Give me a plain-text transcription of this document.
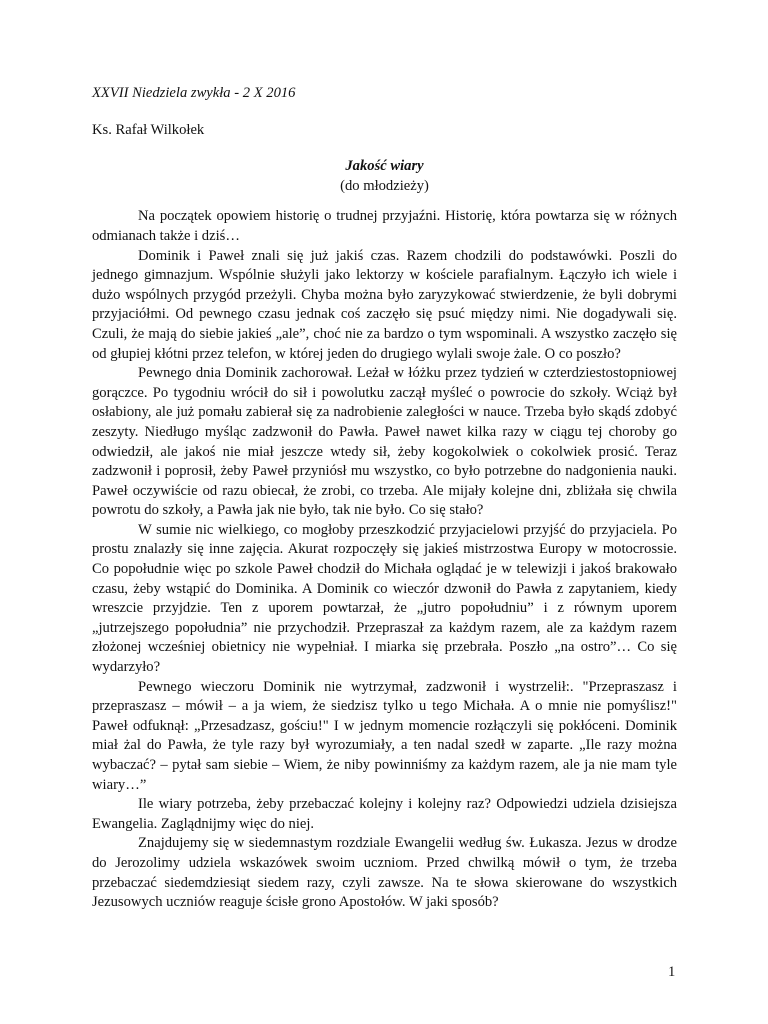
XXVII Niedziela zwykła - 2 X 2016

Ks. Rafał Wilkołek

Jakość wiary

(do młodzieży)

Na początek opowiem historię o trudnej przyjaźni. Historię, która powtarza się w różnych odmianach także i dziś…

Dominik i Paweł znali się już jakiś czas. Razem chodzili do podstawówki. Poszli do jednego gimnazjum. Wspólnie służyli jako lektorzy w kościele parafialnym. Łączyło ich wiele i dużo wspólnych przygód przeżyli. Chyba można było zaryzykować stwierdzenie, że byli dobrymi przyjaciółmi. Od pewnego czasu jednak coś zaczęło się psuć między nimi. Nie dogadywali się. Czuli, że mają do siebie jakieś „ale”, choć nie za bardzo o tym wspominali. A wszystko zaczęło się od głupiej kłótni przez telefon, w której jeden do drugiego wylali swoje żale. O co poszło?

Pewnego dnia Dominik zachorował. Leżał w łóżku przez tydzień w czterdziestostopniowej gorączce. Po tygodniu wrócił do sił i powolutku zaczął myśleć o powrocie do szkoły. Wciąż był osłabiony, ale już pomału zabierał się za nadrobienie zaległości w nauce. Trzeba było skądś zdobyć zeszyty. Niedługo myśląc zadzwonił do Pawła. Paweł nawet kilka razy w ciągu tej choroby go odwiedził, ale jakoś nie miał jeszcze wtedy sił, żeby kogokolwiek o cokolwiek prosić. Teraz zadzwonił i poprosił, żeby Paweł przyniósł mu wszystko, co było potrzebne do nadgonienia nauki. Paweł oczywiście od razu obiecał, że zrobi, co trzeba. Ale mijały kolejne dni, zbliżała się chwila powrotu do szkoły, a Pawła jak nie było, tak nie było. Co się stało?

W sumie nic wielkiego, co mogłoby przeszkodzić przyjacielowi przyjść do przyjaciela. Po prostu znalazły się inne zajęcia. Akurat rozpoczęły się jakieś mistrzostwa Europy w motocrossie. Co popołudnie więc po szkole Paweł chodził do Michała oglądać je w telewizji i jakoś brakowało czasu, żeby wstąpić do Dominika. A Dominik co wieczór dzwonił do Pawła z zapytaniem, kiedy wreszcie przyjdzie. Ten z uporem powtarzał, że „jutro popołudniu” i z równym uporem „jutrzejszego popołudnia” nie przychodził. Przepraszał za każdym razem, ale za każdym razem złożonej wcześniej obietnicy nie wypełniał. I miarka się przebrała. Poszło „na ostro”… Co się wydarzyło?

Pewnego wieczoru Dominik nie wytrzymał, zadzwonił i wystrzelił:. "Przepraszasz i przepraszasz – mówił – a ja wiem, że siedzisz tylko u tego Michała. A o mnie nie pomyślisz!" Paweł odfuknął: „Przesadzasz, gościu!" I w jednym momencie rozłączyli się pokłóceni. Dominik miał żal do Pawła, że tyle razy był wyrozumiały, a ten nadal szedł w zaparte. „Ile razy można wybaczać? – pytał sam siebie – Wiem, że niby powinniśmy za każdym razem, ale ja nie mam tyle wiary…”

Ile wiary potrzeba, żeby przebaczać kolejny i kolejny raz? Odpowiedzi udziela dzisiejsza Ewangelia. Zaglądnijmy więc do niej.

Znajdujemy się w siedemnastym rozdziale Ewangelii według św. Łukasza. Jezus w drodze do Jerozolimy udziela wskazówek swoim uczniom. Przed chwilką mówił o tym, że trzeba przebaczać siedemdziesiąt siedem razy, czyli zawsze. Na te słowa skierowane do wszystkich Jezusowych uczniów reaguje ścisłe grono Apostołów. W jaki sposób?

1
